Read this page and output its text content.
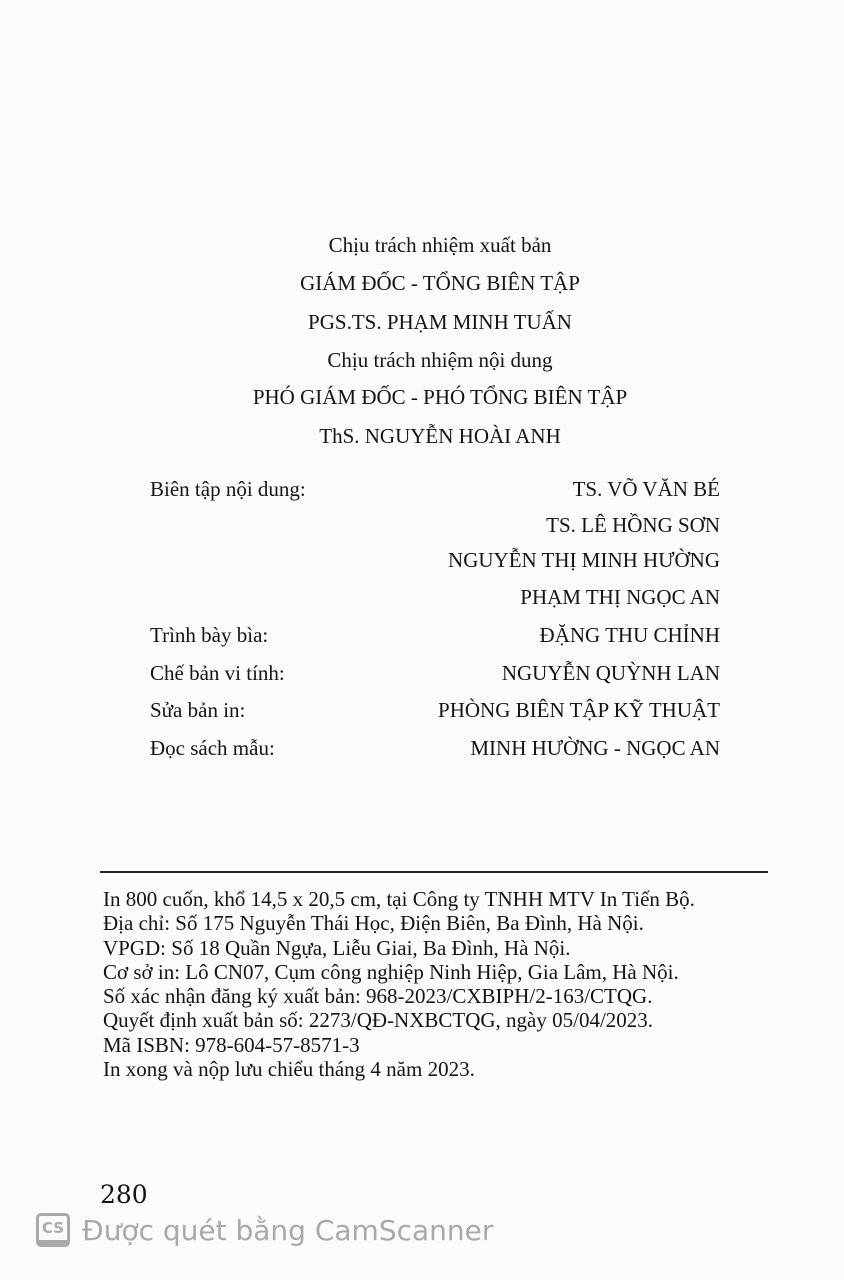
Chịu trách nhiệm xuất bản
GIÁM ĐỐC - TỔNG BIÊN TẬP
PGS.TS. PHẠM MINH TUẤN
Chịu trách nhiệm nội dung
PHÓ GIÁM ĐỐC - PHÓ TỔNG BIÊN TẬP
ThS. NGUYỄN HOÀI ANH
Biên tập nội dung:	TS. VÕ VĂN BÉ
TS. LÊ HỒNG SƠN
NGUYỄN THỊ MINH HƯỜNG
PHẠM THỊ NGỌC AN
Trình bày bìa:	ĐẶNG THU CHỈNH
Chế bản vi tính:	NGUYỄN QUỲNH LAN
Sửa bản in:	PHÒNG BIÊN TẬP KỸ THUẬT
Đọc sách mẫu:	MINH HƯỜNG - NGỌC AN
In 800 cuốn, khổ 14,5 x 20,5 cm, tại Công ty TNHH MTV In Tiến Bộ.
Địa chỉ: Số 175 Nguyễn Thái Học, Điện Biên, Ba Đình, Hà Nội.
VPGD: Số 18 Quần Ngựa, Liễu Giai, Ba Đình, Hà Nội.
Cơ sở in: Lô CN07, Cụm công nghiệp Ninh Hiệp, Gia Lâm, Hà Nội.
Số xác nhận đăng ký xuất bản: 968-2023/CXBIPH/2-163/CTQG.
Quyết định xuất bản số: 2273/QĐ-NXBCTQG, ngày 05/04/2023.
Mã ISBN: 978-604-57-8571-3
In xong và nộp lưu chiểu tháng 4 năm 2023.
280
CS Được quét bằng CamScanner
